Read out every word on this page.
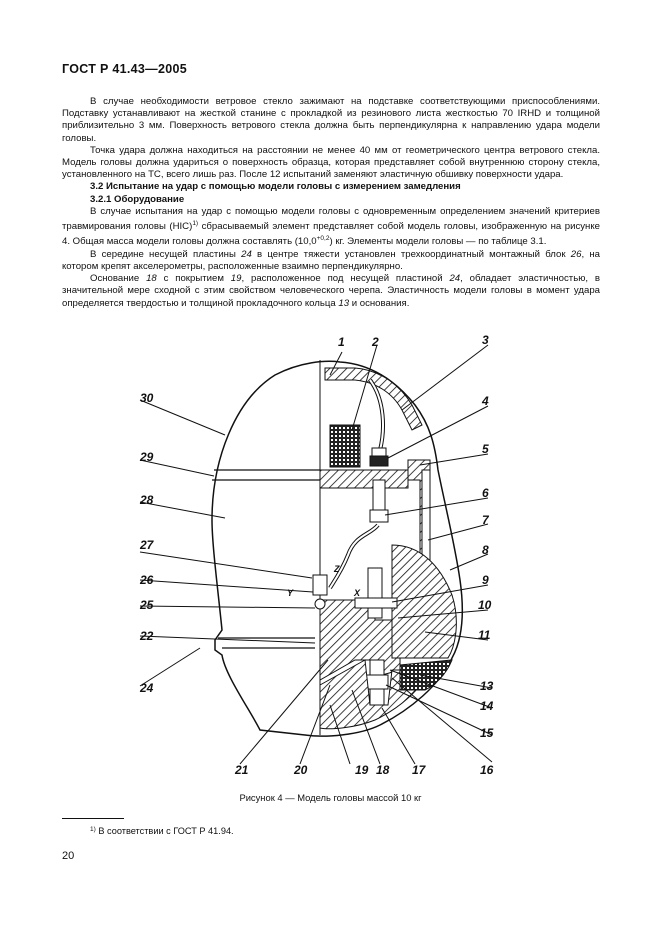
ГОСТ Р 41.43—2005

В случае необходимости ветровое стекло зажимают на подставке соответствующими приспособлениями. Подставку устанавливают на жесткой станине с прокладкой из резинового листа жесткостью 70 IRHD и толщиной приблизительно 3 мм. Поверхность ветрового стекла должна быть перпендикулярна к направлению удара модели головы.

Точка удара должна находиться на расстоянии не менее 40 мм от геометрического центра ветрового стекла. Модель головы должна удариться о поверхность образца, которая представляет собой внутреннюю сторону стекла, установленного на ТС, всего лишь раз. После 12 испытаний заменяют эластичную обшивку поверхности удара.

3.2 Испытание на удар с помощью модели головы с измерением замедления

3.2.1 Оборудование

В случае испытания на удар с помощью модели головы с одновременным определением значений критериев травмирования головы (HIC)$^{1)}$ сбрасываемый элемент представляет собой модель головы, изображенную на рисунке 4. Общая масса модели головы должна составлять $(10,0^{+0,2})$ кг. Элементы модели головы — по таблице 3.1.

В середине несущей пластины 24 в центре тяжести установлен трехкоординатный монтажный блок 26, на котором крепят акселерометры, расположенные взаимно перпендикулярно.

Основание 18 с покрытием 19, расположенное под несущей пластиной 24, обладает эластичностью, в значительной мере сходной с этим свойством человеческого черепа. Эластичность модели головы в момент удара определяется твердостью и толщиной прокладочного кольца 13 и основания.

1 2	3
4
5
6
7
8
9
10
11
13
14
15
16
17
18
19
20
21
22
24
25
26
27
28
29
30
Z
Y	X
Рисунок 4 — Модель головы массой 10 кг
$^{1)}$ В соответствии с ГОСТ Р 41.94.
20
